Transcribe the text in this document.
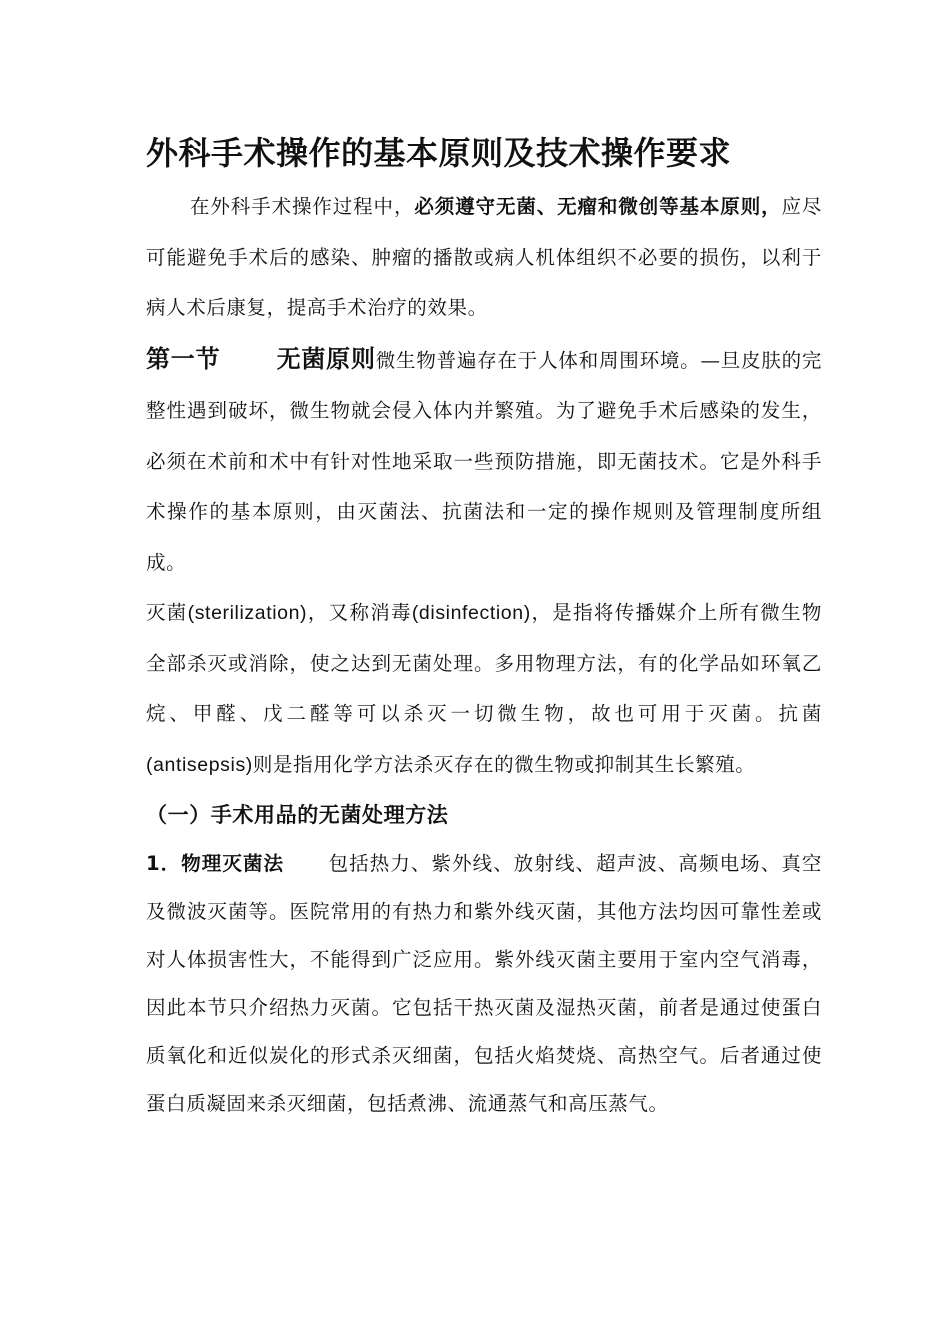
外科手术操作的基本原则及技术操作要求

在外科手术操作过程中，必须遵守无菌、无瘤和微创等基本原则，应尽可能避免手术后的感染、肿瘤的播散或病人机体组织不必要的损伤，以利于病人术后康复，提高手术治疗的效果。

第一节 无菌原则微生物普遍存在于人体和周围环境。—旦皮肤的完整性遇到破坏，微生物就会侵入体内并繁殖。为了避免手术后感染的发生，必须在术前和术中有针对性地采取一些预防措施，即无菌技术。它是外科手术操作的基本原则，由灭菌法、抗菌法和一定的操作规则及管理制度所组成。

灭菌(sterilization)，又称消毒(disinfection)，是指将传播媒介上所有微生物全部杀灭或消除，使之达到无菌处理。多用物理方法，有的化学品如环氧乙烷、甲醛、戊二醛等可以杀灭一切微生物，故也可用于灭菌。抗菌(antisepsis)则是指用化学方法杀灭存在的微生物或抑制其生长繁殖。

（一）手术用品的无菌处理方法

1．物理灭菌法 包括热力、紫外线、放射线、超声波、高频电场、真空及微波灭菌等。医院常用的有热力和紫外线灭菌，其他方法均因可靠性差或对人体损害性大，不能得到广泛应用。紫外线灭菌主要用于室内空气消毒，因此本节只介绍热力灭菌。它包括干热灭菌及湿热灭菌，前者是通过使蛋白质氧化和近似炭化的形式杀灭细菌，包括火焰焚烧、高热空气。后者通过使蛋白质凝固来杀灭细菌，包括煮沸、流通蒸气和高压蒸气。
